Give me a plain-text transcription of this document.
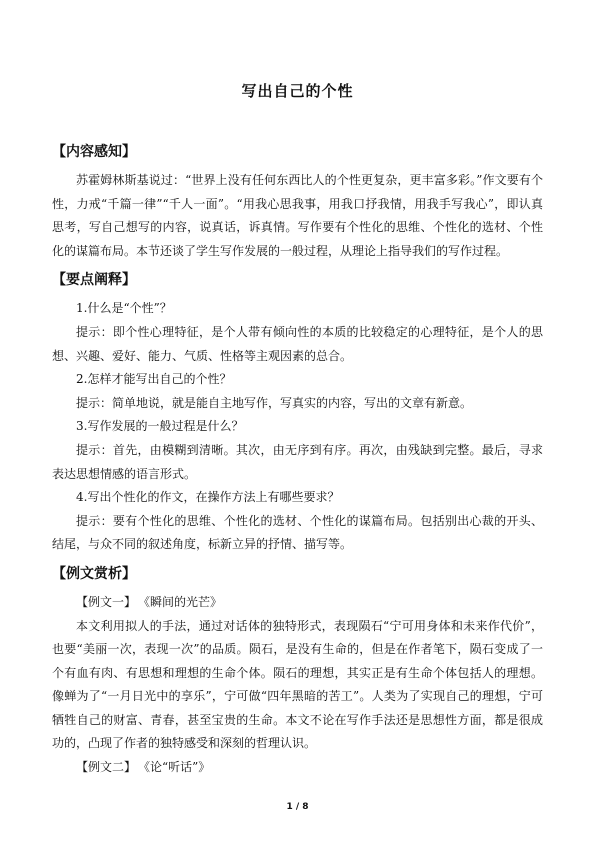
写出自己的个性
【内容感知】

苏霍姆林斯基说过：“世界上没有任何东西比人的个性更复杂，更丰富多彩。”作文要有个性，力戒“千篇一律”“千人一面”。“用我心思我事，用我口抒我情，用我手写我心”，即认真思考，写自己想写的内容，说真话，诉真情。写作要有个性化的思维、个性化的选材、个性化的谋篇布局。本节还谈了学生写作发展的一般过程，从理论上指导我们的写作过程。

【要点阐释】

1.什么是“个性”？

提示：即个性心理特征，是个人带有倾向性的本质的比较稳定的心理特征，是个人的思想、兴趣、爱好、能力、气质、性格等主观因素的总合。

2.怎样才能写出自己的个性？

提示：简单地说，就是能自主地写作，写真实的内容，写出的文章有新意。

3.写作发展的一般过程是什么？

提示：首先，由模糊到清晰。其次，由无序到有序。再次，由残缺到完整。最后，寻求表达思想情感的语言形式。

4.写出个性化的作文，在操作方法上有哪些要求？

提示：要有个性化的思维、个性化的选材、个性化的谋篇布局。包括别出心裁的开头、结尾，与众不同的叙述角度，标新立异的抒情、描写等。

【例文赏析】

【例文一】 《瞬间的光芒》

本文利用拟人的手法，通过对话体的独特形式，表现陨石“宁可用身体和未来作代价”，也要“美丽一次，表现一次”的品质。陨石，是没有生命的，但是在作者笔下，陨石变成了一个有血有肉、有思想和理想的生命个体。陨石的理想，其实正是有生命个体包括人的理想。像蝉为了“一月日光中的享乐”，宁可做“四年黑暗的苦工”。人类为了实现自己的理想，宁可牺牲自己的财富、青春，甚至宝贵的生命。本文不论在写作手法还是思想性方面，都是很成功的，凸现了作者的独特感受和深刻的哲理认识。

【例文二】 《论“听话”》

1 / 8
